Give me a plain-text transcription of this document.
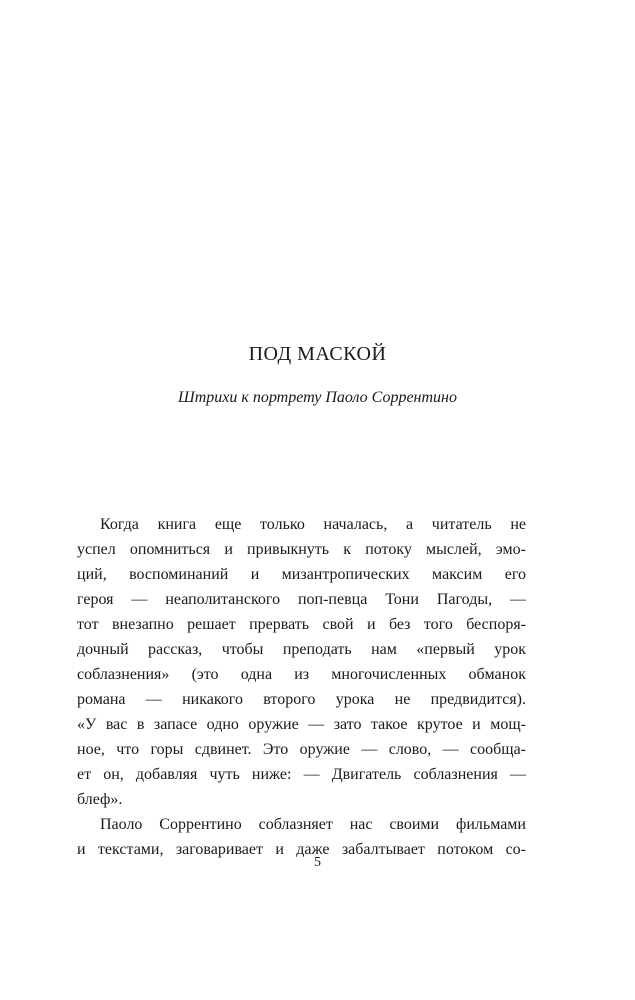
ПОД МАСКОЙ

Штрихи к портрету Паоло Соррентино

Когда книга еще только началась, а читатель не
успел опомниться и привыкнуть к потоку мыслей, эмо-
ций, воспоминаний и мизантропических максим его
героя — неаполитанского поп-певца Тони Пагоды, —
тот внезапно решает прервать свой и без того беспоря-
дочный рассказ, чтобы преподать нам «первый урок
соблазнения» (это одна из многочисленных обманок
романа — никакого второго урока не предвидится).
«У вас в запасе одно оружие — зато такое крутое и мощ-
ное, что горы сдвинет. Это оружие — слово, — сообща-
ет он, добавляя чуть ниже: — Двигатель соблазнения —
блеф».
Паоло Соррентино соблазняет нас своими фильмами
и текстами, заговаривает и даже забалтывает потоком со-
5
